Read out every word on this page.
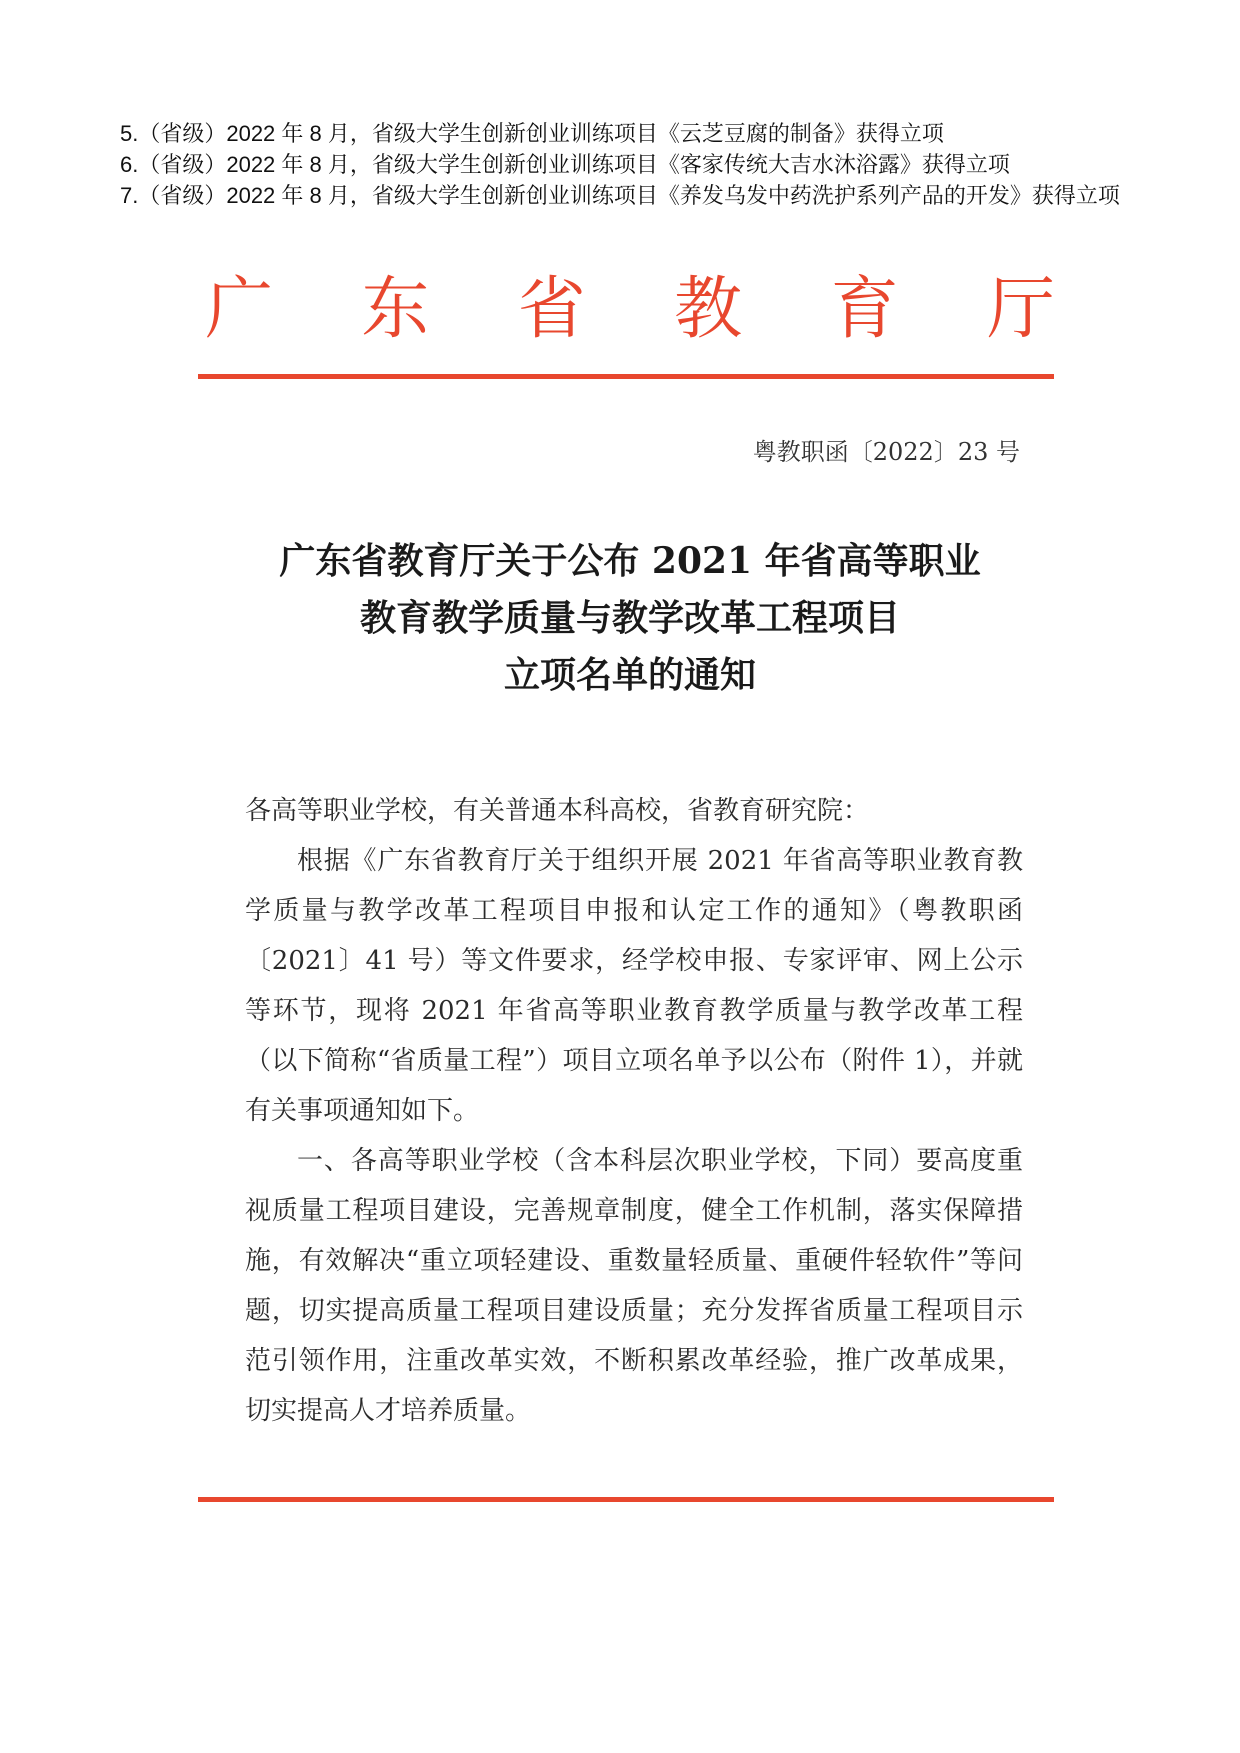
5.（省级）2022 年 8 月，省级大学生创新创业训练项目《云芝豆腐的制备》获得立项
6.（省级）2022 年 8 月，省级大学生创新创业训练项目《客家传统大吉水沐浴露》获得立项
7.（省级）2022 年 8 月，省级大学生创新创业训练项目《养发乌发中药洗护系列产品的开发》获得立项
广 东 省 教 育 厅
粤教职函〔2022〕23 号
广东省教育厅关于公布 2021 年省高等职业
教育教学质量与教学改革工程项目
立项名单的通知

各高等职业学校，有关普通本科高校，省教育研究院：

根据《广东省教育厅关于组织开展 2021 年省高等职业教育教学质量与教学改革工程项目申报和认定工作的通知》（粤教职函〔2021〕41 号）等文件要求，经学校申报、专家评审、网上公示等环节，现将 2021 年省高等职业教育教学质量与教学改革工程（以下简称“省质量工程”）项目立项名单予以公布（附件 1），并就有关事项通知如下。

一、各高等职业学校（含本科层次职业学校，下同）要高度重视质量工程项目建设，完善规章制度，健全工作机制，落实保障措施，有效解决“重立项轻建设、重数量轻质量、重硬件轻软件”等问题，切实提高质量工程项目建设质量；充分发挥省质量工程项目示范引领作用，注重改革实效，不断积累改革经验，推广改革成果，切实提高人才培养质量。
